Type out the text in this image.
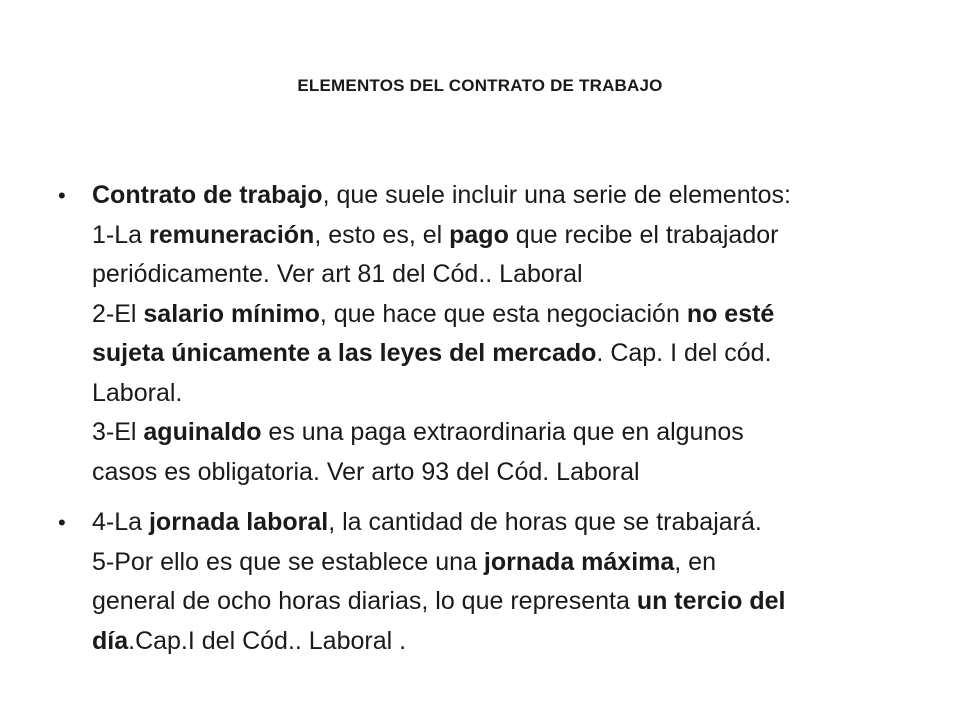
ELEMENTOS DEL CONTRATO DE TRABAJO
• Contrato de trabajo, que suele incluir una serie de elementos:
1-La remuneración, esto es, el pago que recibe el trabajador
periódicamente. Ver art 81 del Cód.. Laboral
2-El salario mínimo, que hace que esta negociación no esté
sujeta únicamente a las leyes del mercado. Cap. I del cód.
Laboral.
3-El aguinaldo es una paga extraordinaria que en algunos
casos es obligatoria. Ver arto 93 del Cód. Laboral
• 4-La jornada laboral, la cantidad de horas que se trabajará.
5-Por ello es que se establece una jornada máxima, en
general de ocho horas diarias, lo que representa un tercio del
día.Cap.I del Cód.. Laboral .
